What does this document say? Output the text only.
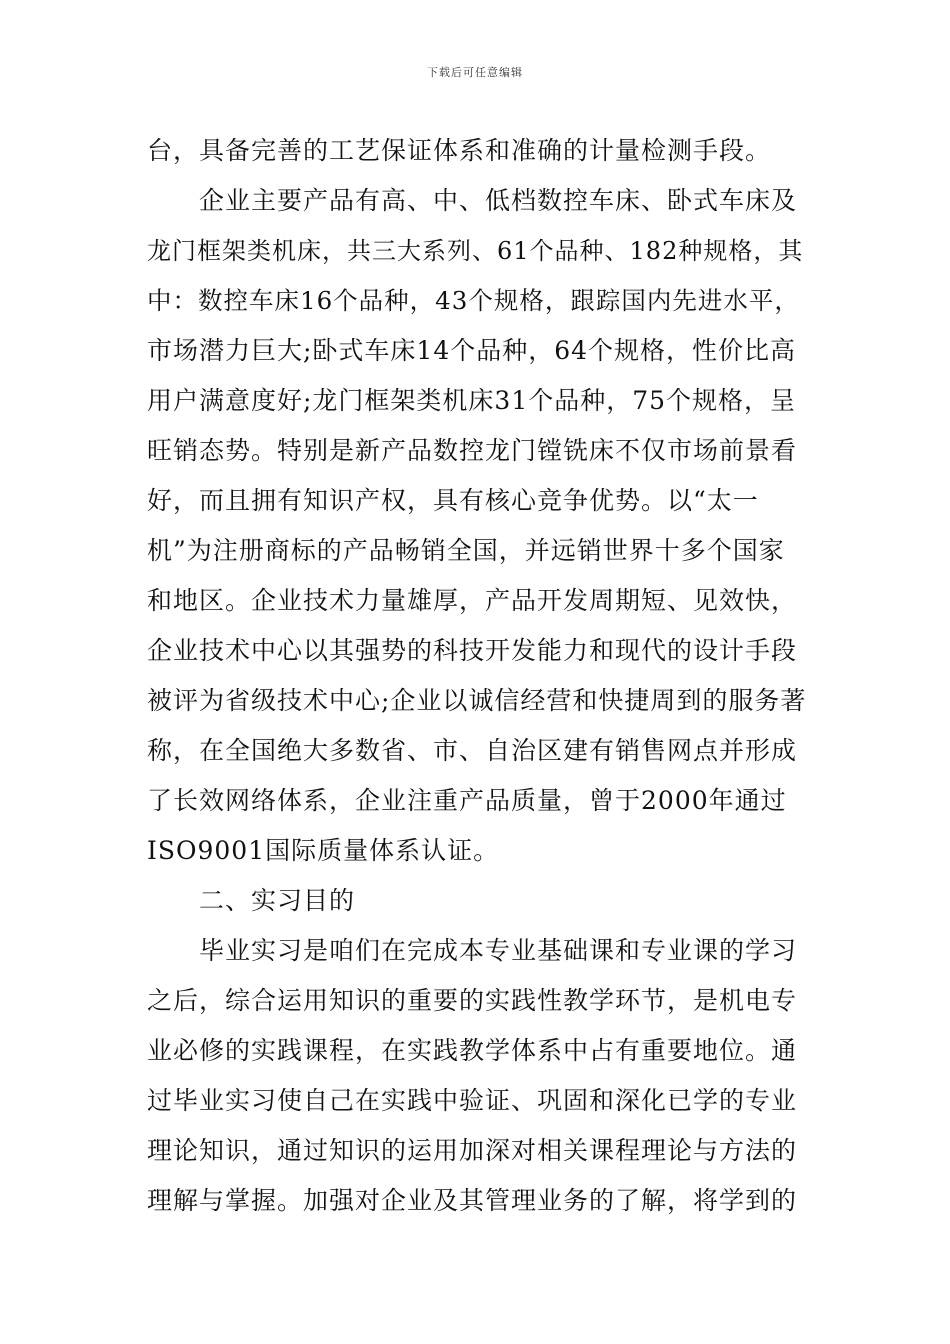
下载后可任意编辑
台，具备完善的工艺保证体系和准确的计量检测手段。
企业主要产品有高、中、低档数控车床、卧式车床及
龙门框架类机床，共三大系列、61个品种、182种规格，其
中：数控车床16个品种，43个规格，跟踪国内先进水平，
市场潜力巨大;卧式车床14个品种，64个规格，性价比高
用户满意度好;龙门框架类机床31个品种，75个规格，呈
旺销态势。特别是新产品数控龙门镗铣床不仅市场前景看
好，而且拥有知识产权，具有核心竞争优势。以“太一
机”为注册商标的产品畅销全国，并远销世界十多个国家
和地区。企业技术力量雄厚，产品开发周期短、见效快，
企业技术中心以其强势的科技开发能力和现代的设计手段
被评为省级技术中心;企业以诚信经营和快捷周到的服务著
称，在全国绝大多数省、市、自治区建有销售网点并形成
了长效网络体系，企业注重产品质量，曾于2000年通过
ISO9001国际质量体系认证。
二、实习目的
毕业实习是咱们在完成本专业基础课和专业课的学习
之后，综合运用知识的重要的实践性教学环节，是机电专
业必修的实践课程，在实践教学体系中占有重要地位。通
过毕业实习使自己在实践中验证、巩固和深化已学的专业
理论知识，通过知识的运用加深对相关课程理论与方法的
理解与掌握。加强对企业及其管理业务的了解，将学到的
